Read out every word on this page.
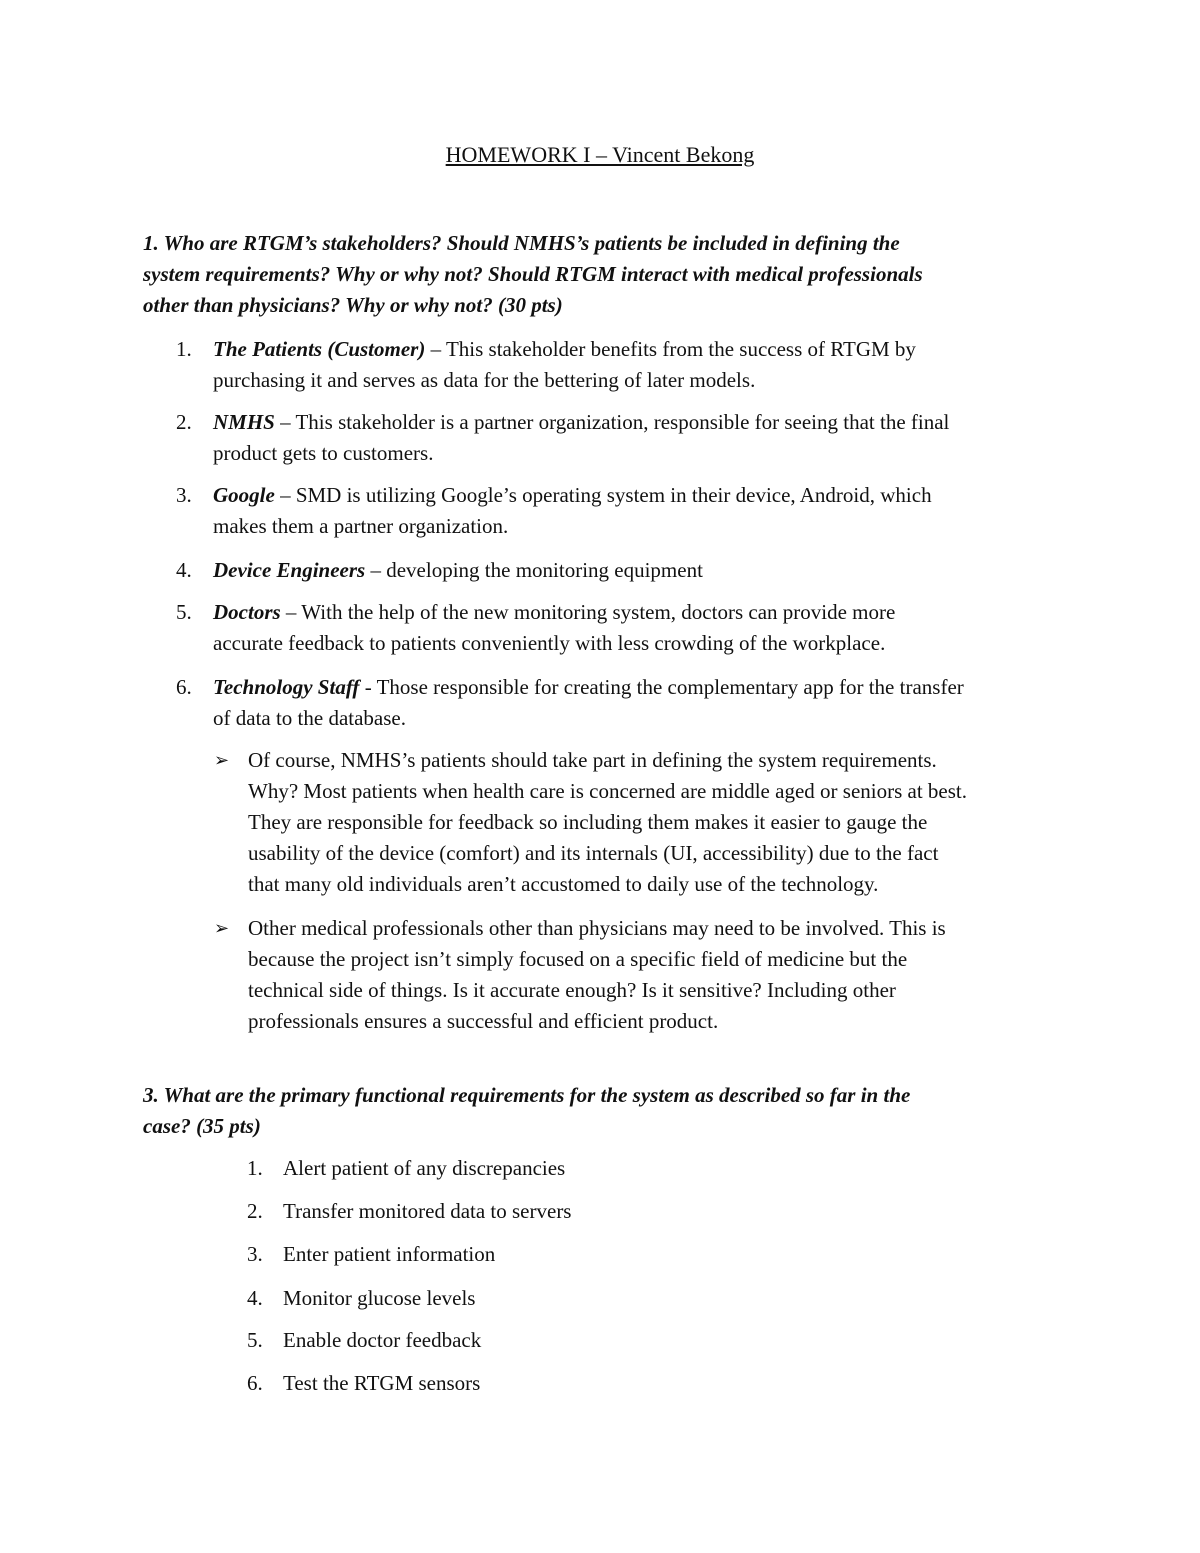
HOMEWORK I – Vincent Bekong
1. Who are RTGM’s stakeholders? Should NMHS’s patients be included in defining the
system requirements? Why or why not? Should RTGM interact with medical professionals
other than physicians? Why or why not? (30 pts)
1. The Patients (Customer) – This stakeholder benefits from the success of RTGM by
purchasing it and serves as data for the bettering of later models.
2. NMHS – This stakeholder is a partner organization, responsible for seeing that the final
product gets to customers.
3. Google – SMD is utilizing Google’s operating system in their device, Android, which
makes them a partner organization.
4. Device Engineers – developing the monitoring equipment
5. Doctors – With the help of the new monitoring system, doctors can provide more
accurate feedback to patients conveniently with less crowding of the workplace.
6. Technology Staff - Those responsible for creating the complementary app for the transfer
of data to the database.
➢ Of course, NMHS’s patients should take part in defining the system requirements.
Why? Most patients when health care is concerned are middle aged or seniors at best.
They are responsible for feedback so including them makes it easier to gauge the
usability of the device (comfort) and its internals (UI, accessibility) due to the fact
that many old individuals aren’t accustomed to daily use of the technology.
➢ Other medical professionals other than physicians may need to be involved. This is
because the project isn’t simply focused on a specific field of medicine but the
technical side of things. Is it accurate enough? Is it sensitive? Including other
professionals ensures a successful and efficient product.
3. What are the primary functional requirements for the system as described so far in the
case? (35 pts)
1. Alert patient of any discrepancies
2. Transfer monitored data to servers
3. Enter patient information
4. Monitor glucose levels
5. Enable doctor feedback
6. Test the RTGM sensors
